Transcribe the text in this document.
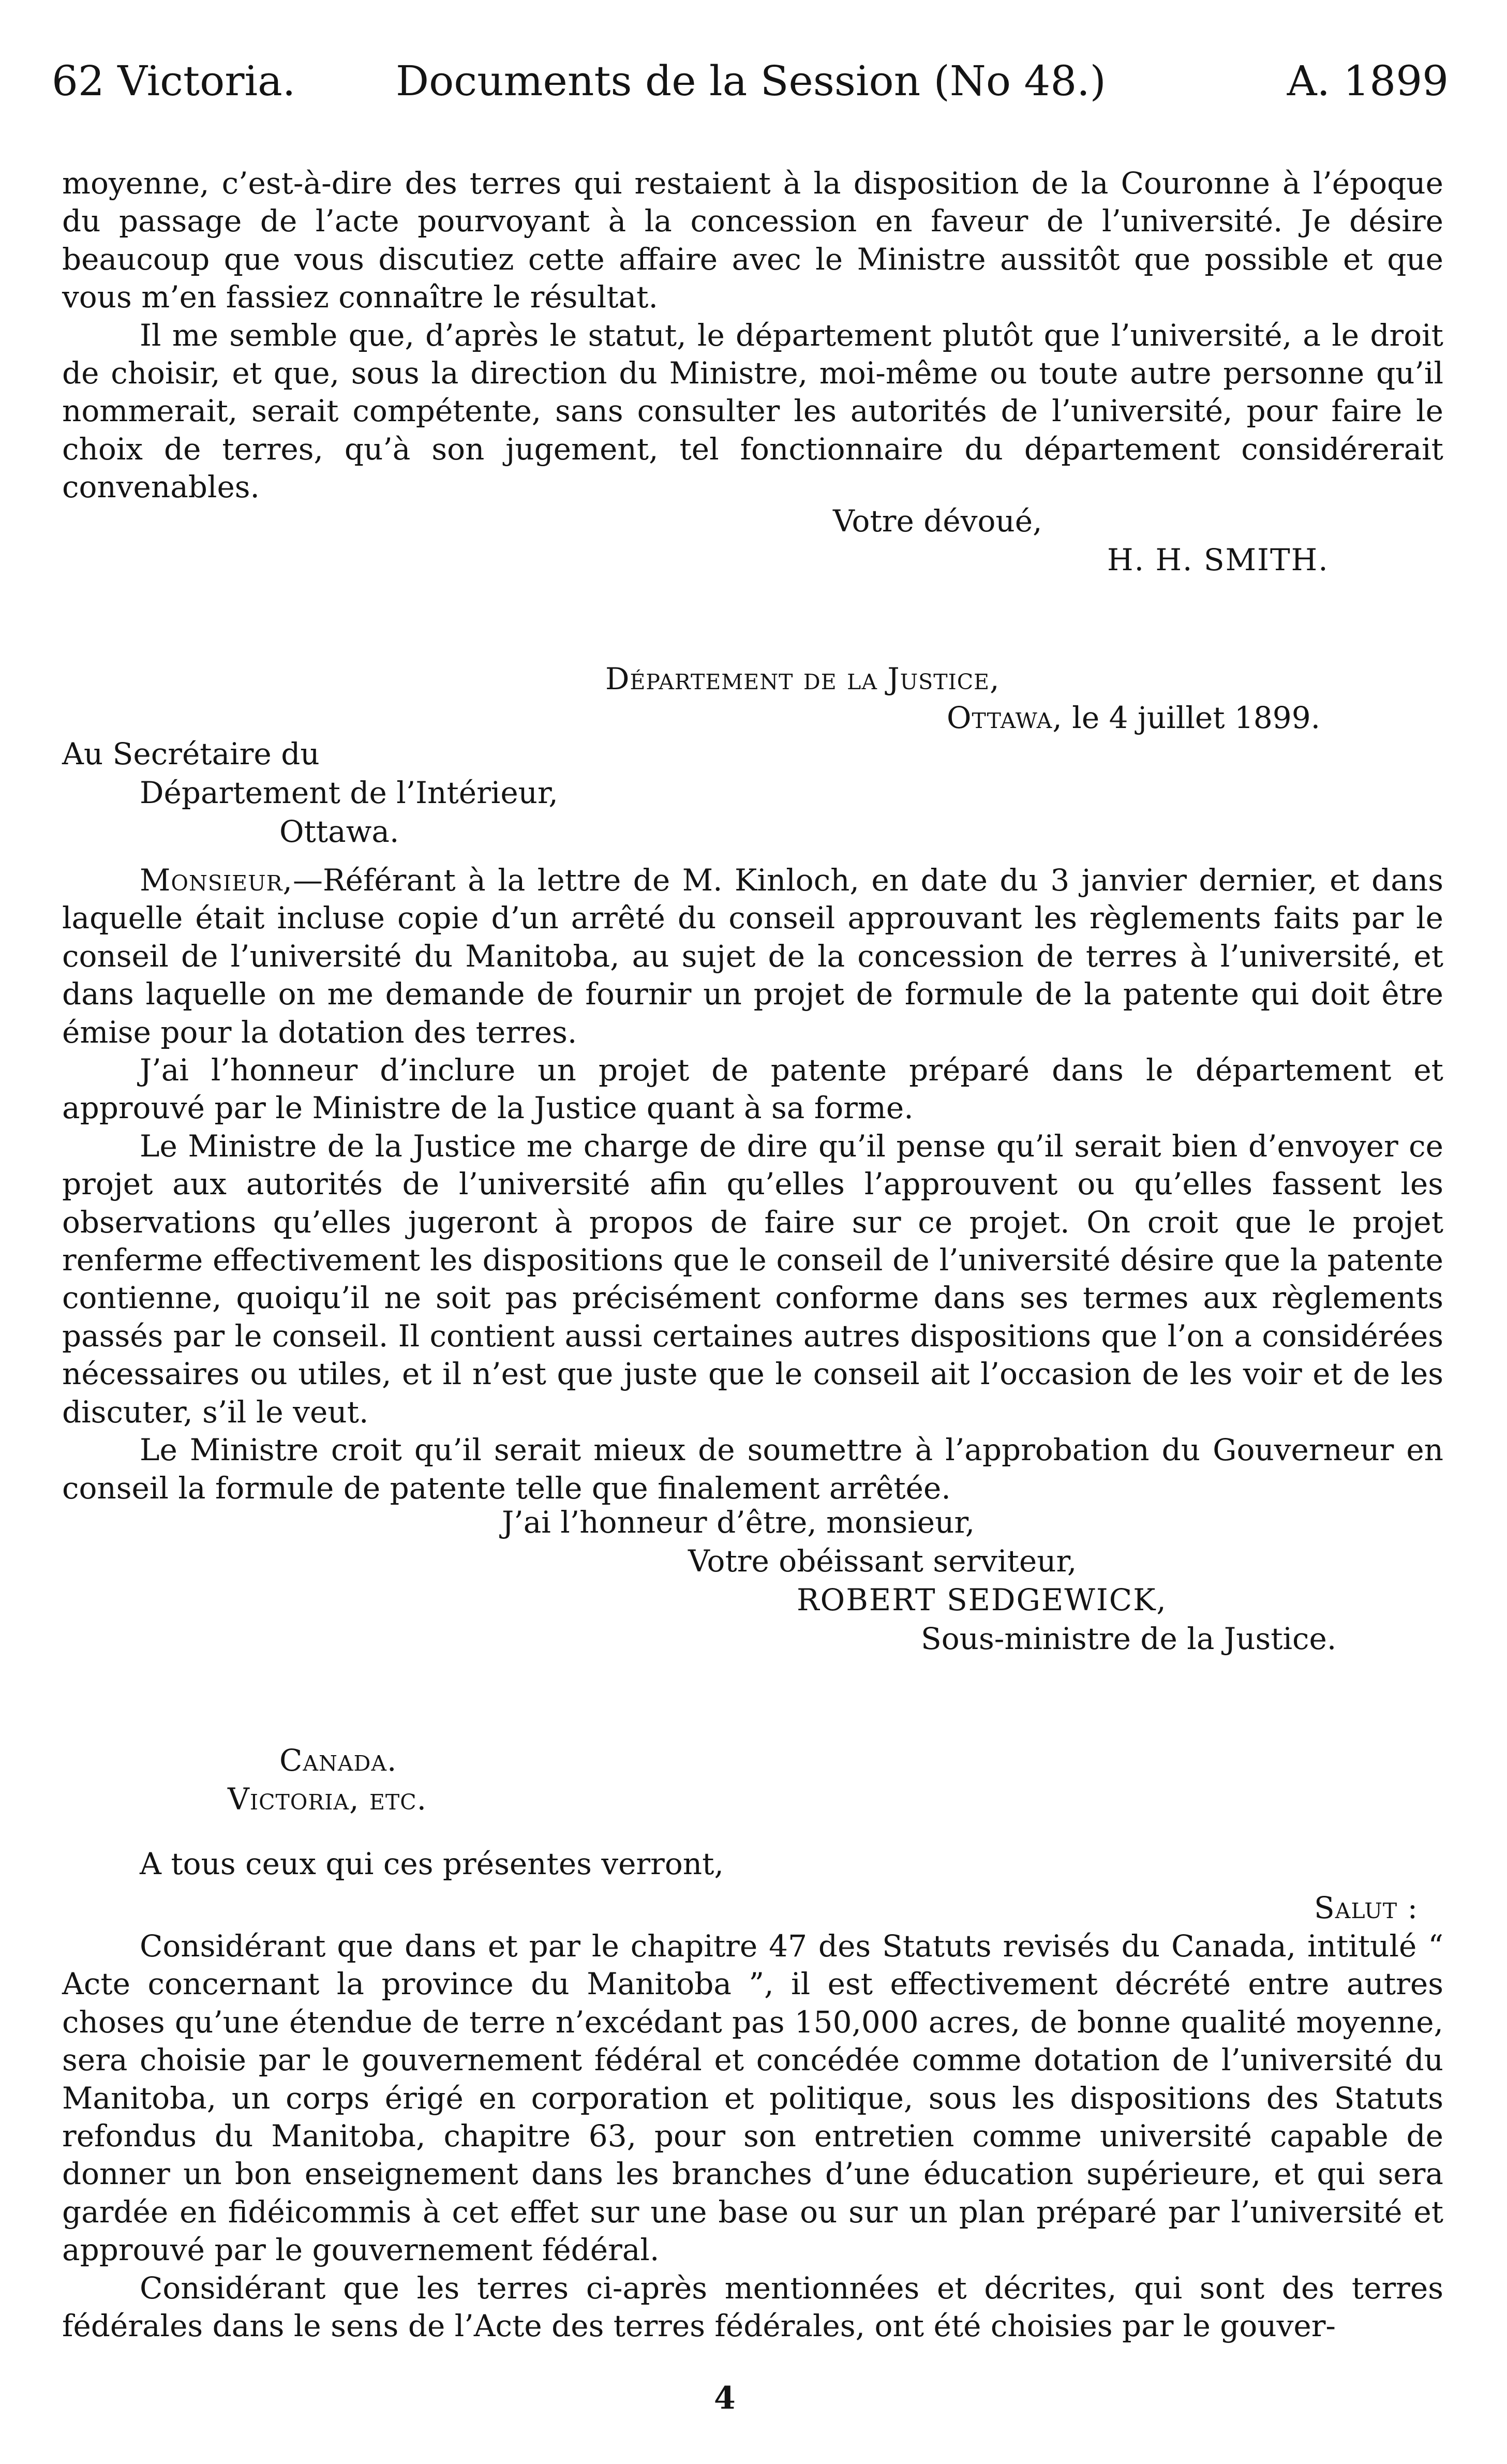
62 Victoria. Documents de la Session (No 48.)	A. 1899

moyenne, c’est-à-dire des terres qui restaient à la disposition de la Couronne à l’époque du passage de l’acte pourvoyant à la concession en faveur de l’université. Je désire beaucoup que vous discutiez cette affaire avec le Ministre aussitôt que possible et que vous m’en fassiez connaître le résultat.

Il me semble que, d’après le statut, le département plutôt que l’université, a le droit de choisir, et que, sous la direction du Ministre, moi-même ou toute autre personne qu’il nommerait, serait compétente, sans consulter les autorités de l’université, pour faire le choix de terres, qu’à son jugement, tel fonctionnaire du département considérerait convenables.

Votre dévoué,
H. H. SMITH.
Département de la Justice,
Ottawa, le 4 juillet 1899.
Au Secrétaire du
Département de l’Intérieur,
Ottawa.

Monsieur,—Référant à la lettre de M. Kinloch, en date du 3 janvier dernier, et dans laquelle était incluse copie d’un arrêté du conseil approuvant les règlements faits par le conseil de l’université du Manitoba, au sujet de la concession de terres à l’université, et dans laquelle on me demande de fournir un projet de formule de la patente qui doit être émise pour la dotation des terres.

J’ai l’honneur d’inclure un projet de patente préparé dans le département et approuvé par le Ministre de la Justice quant à sa forme.

Le Ministre de la Justice me charge de dire qu’il pense qu’il serait bien d’envoyer ce projet aux autorités de l’université afin qu’elles l’approuvent ou qu’elles fassent les observations qu’elles jugeront à propos de faire sur ce projet. On croit que le projet renferme effectivement les dispositions que le conseil de l’université désire que la patente contienne, quoiqu’il ne soit pas précisément conforme dans ses termes aux règlements passés par le conseil. Il contient aussi certaines autres dispositions que l’on a considérées nécessaires ou utiles, et il n’est que juste que le conseil ait l’occasion de les voir et de les discuter, s’il le veut.

Le Ministre croit qu’il serait mieux de soumettre à l’approbation du Gouverneur en conseil la formule de patente telle que finalement arrêtée.

J’ai l’honneur d’être, monsieur,
Votre obéissant serviteur,
ROBERT SEDGEWICK,
Sous-ministre de la Justice.
Canada.
Victoria, etc.
A tous ceux qui ces présentes verront,
Salut :

Considérant que dans et par le chapitre 47 des Statuts revisés du Canada, intitulé “ Acte concernant la province du Manitoba ”, il est effectivement décrété entre autres choses qu’une étendue de terre n’excédant pas 150,000 acres, de bonne qualité moyenne, sera choisie par le gouvernement fédéral et concédée comme dotation de l’université du Manitoba, un corps érigé en corporation et politique, sous les dispositions des Statuts refondus du Manitoba, chapitre 63, pour son entretien comme université capable de donner un bon enseignement dans les branches d’une éducation supérieure, et qui sera gardée en fidéicommis à cet effet sur une base ou sur un plan préparé par l’université et approuvé par le gouvernement fédéral.

Considérant que les terres ci-après mentionnées et décrites, qui sont des terres fédérales dans le sens de l’Acte des terres fédérales, ont été choisies par le gouver-

4
